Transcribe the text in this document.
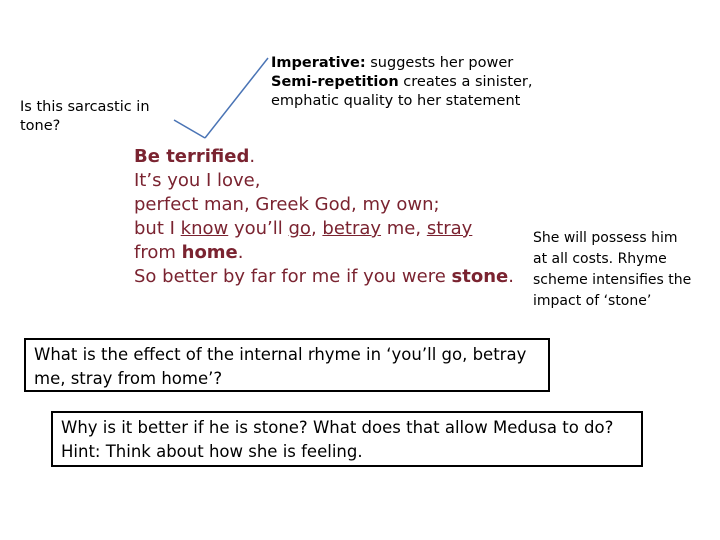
Is this sarcastic in tone?
Imperative: suggests her power
Semi-repetition creates a sinister, emphatic quality to her statement
Be terrified.
It’s you I love,
perfect man, Greek God, my own;
but I know you’ll go, betray me, stray
from home.
So better by far for me if you were stone.
She will possess him at all costs. Rhyme scheme intensifies the impact of ‘stone’
What is the effect of the internal rhyme in ‘you’ll go, betray me, stray from home’?
Why is it better if he is stone? What does that allow Medusa to do? Hint: Think about how she is feeling.
